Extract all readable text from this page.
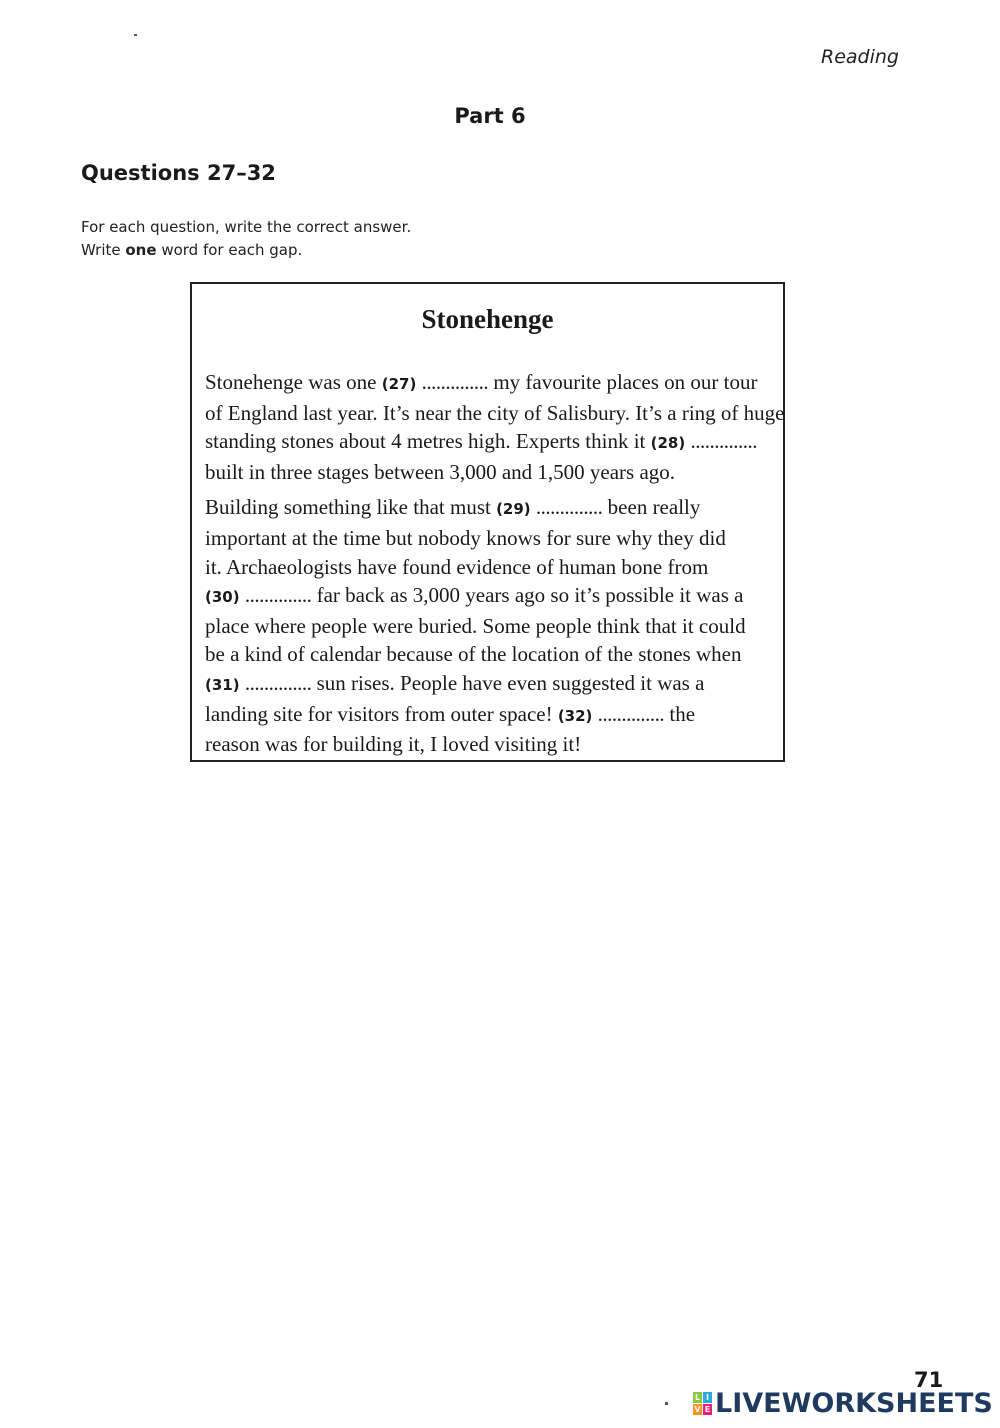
Reading
Part 6
Questions 27–32
For each question, write the correct answer.
Write one word for each gap.
Stonehenge

Stonehenge was one (27) .............. my favourite places on our tour

of England last year. It’s near the city of Salisbury. It’s a ring of huge

standing stones about 4 metres high. Experts think it (28) ..............

built in three stages between 3,000 and 1,500 years ago.

Building something like that must (29) .............. been really

important at the time but nobody knows for sure why they did

it. Archaeologists have found evidence of human bone from

(30) .............. far back as 3,000 years ago so it’s possible it was a

place where people were buried. Some people think that it could

be a kind of calendar because of the location of the stones when

(31) .............. sun rises. People have even suggested it was a

landing site for visitors from outer space! (32) .............. the

reason was for building it, I loved visiting it!

71
L I
V E LIVEWORKSHEETS
